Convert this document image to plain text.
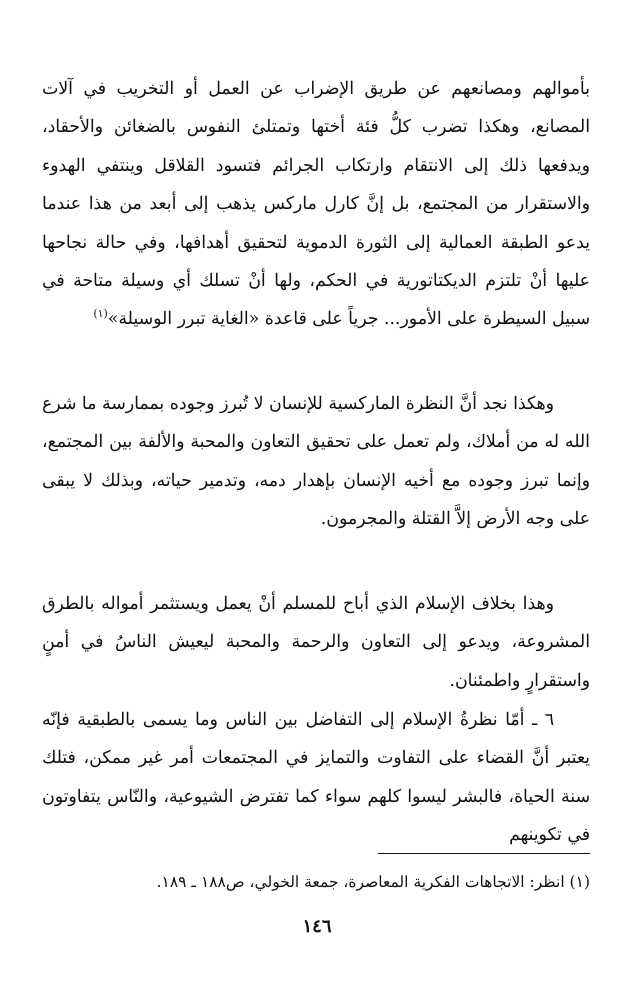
بأموالهم ومصانعهم عن طريق الإضراب عن العمل أو التخريب في آلات المصانع، وهكذا تضرب كلُّ فئة أختها وتمتلئ النفوس بالضغائن والأحقاد، ويدفعها ذلك إلى الانتقام وارتكاب الجرائم فتسود القلاقل وينتفي الهدوء والاستقرار من المجتمع، بل إنَّ كارل ماركس يذهب إلى أبعد من هذا عندما يدعو الطبقة العمالية إلى الثورة الدموية لتحقيق أهدافها، وفي حالة نجاحها عليها أنْ تلتزم الديكتاتورية في الحكم، ولها أنْ تسلك أي وسيلة متاحة في سبيل السيطرة على الأمور... جرياً على قاعدة «الغاية تبرر الوسيلة»$^{(١)}$

وهكذا نجد أنَّ النظرة الماركسية للإنسان لا تُبرز وجوده بممارسة ما شرع الله له من أملاك، ولم تعمل على تحقيق التعاون والمحبة والألفة بين المجتمع، وإنما تبرز وجوده مع أخيه الإنسان بإهدار دمه، وتدمير حياته، وبذلك لا يبقى على وجه الأرض إلاَّ القتلة والمجرمون.

وهذا بخلاف الإسلام الذي أباح للمسلم أنْ يعمل ويستثمر أمواله بالطرق المشروعة، ويدعو إلى التعاون والرحمة والمحبة ليعيش الناسُ في أمنٍ واستقرارٍ واطمئنان.

٦ ـ أمّا نظرةُ الإسلام إلى التفاضل بين الناس وما يسمى بالطبقية فإنّه يعتبر أنَّ القضاء على التفاوت والتمايز في المجتمعات أمر غير ممكن، فتلك سنة الحياة، فالبشر ليسوا كلهم سواء كما تفترض الشيوعية، والنّاس يتفاوتون في تكوينهم

(١) انظر: الاتجاهات الفكرية المعاصرة، جمعة الخولي، ص١٨٨ ـ ١٨٩.

١٤٦
